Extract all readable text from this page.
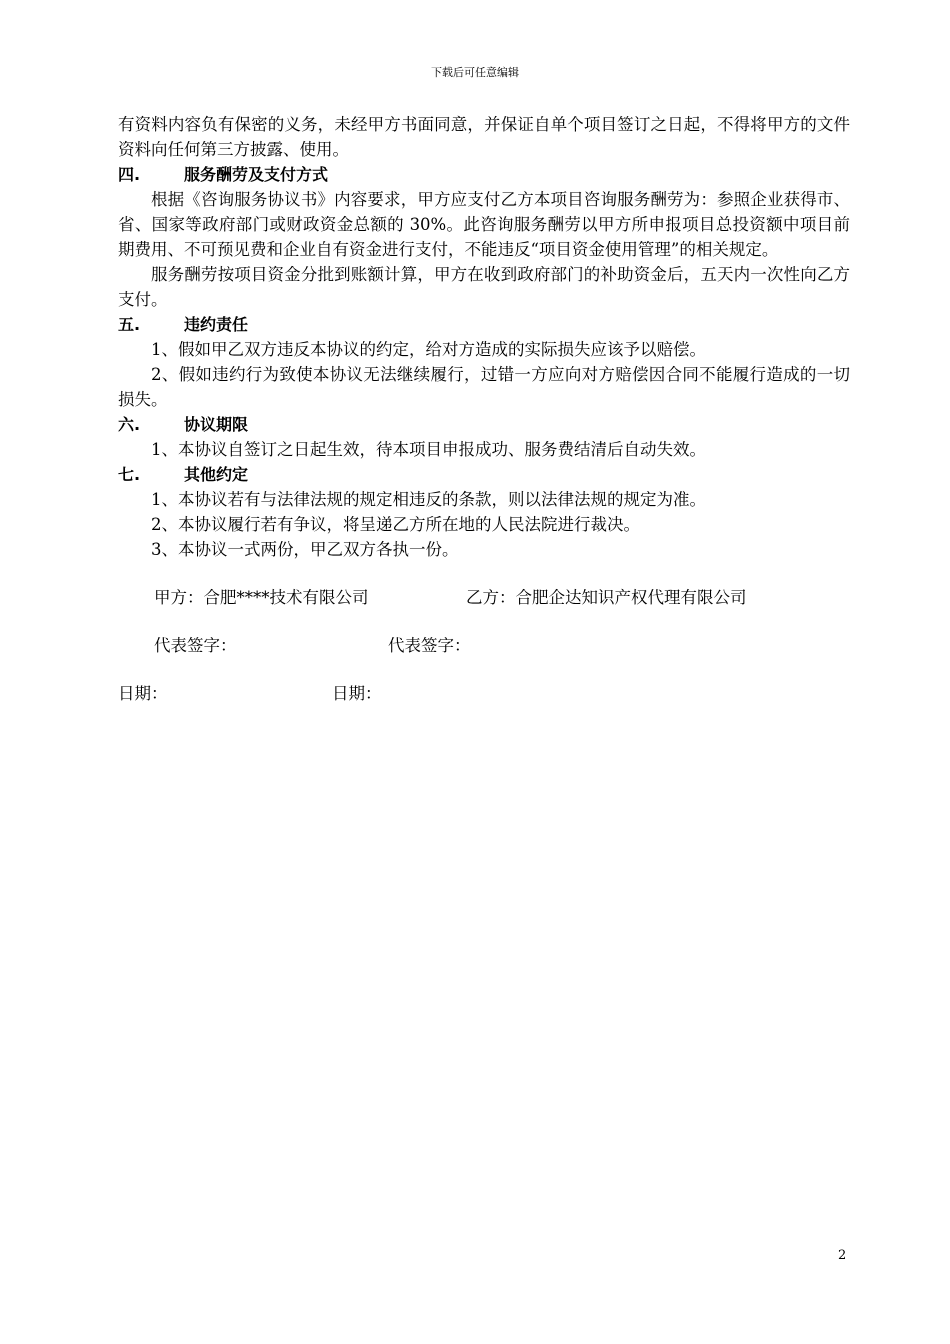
下载后可任意编辑

有资料内容负有保密的义务，未经甲方书面同意，并保证自单个项目签订之日起，不得将甲方的文件资料向任何第三方披露、使用。

四.	服务酬劳及支付方式

根据《咨询服务协议书》内容要求，甲方应支付乙方本项目咨询服务酬劳为：参照企业获得市、 省、国家等政府部门或财政资金总额的 30%。此咨询服务酬劳以甲方所申报项目总投资额中项目前期费用、不可预见费和企业自有资金进行支付，不能违反“项目资金使用管理”的相关规定。

服务酬劳按项目资金分批到账额计算，甲方在收到政府部门的补助资金后，五天内一次性向乙方支付。

五.	违约责任

1、假如甲乙双方违反本协议的约定，给对方造成的实际损失应该予以赔偿。

2、假如违约行为致使本协议无法继续履行，过错一方应向对方赔偿因合同不能履行造成的一切损失。

六.	协议期限

1、本协议自签订之日起生效，待本项目申报成功、服务费结清后自动失效。

七.	其他约定

1、本协议若有与法律法规的规定相违反的条款，则以法律法规的规定为准。

2、本协议履行若有争议，将呈递乙方所在地的人民法院进行裁决。

3、本协议一式两份，甲乙双方各执一份。

甲方：合肥****技术有限公司	乙方：合肥企达知识产权代理有限公司
代表签字：	代表签字：
日期：	日期：
2
